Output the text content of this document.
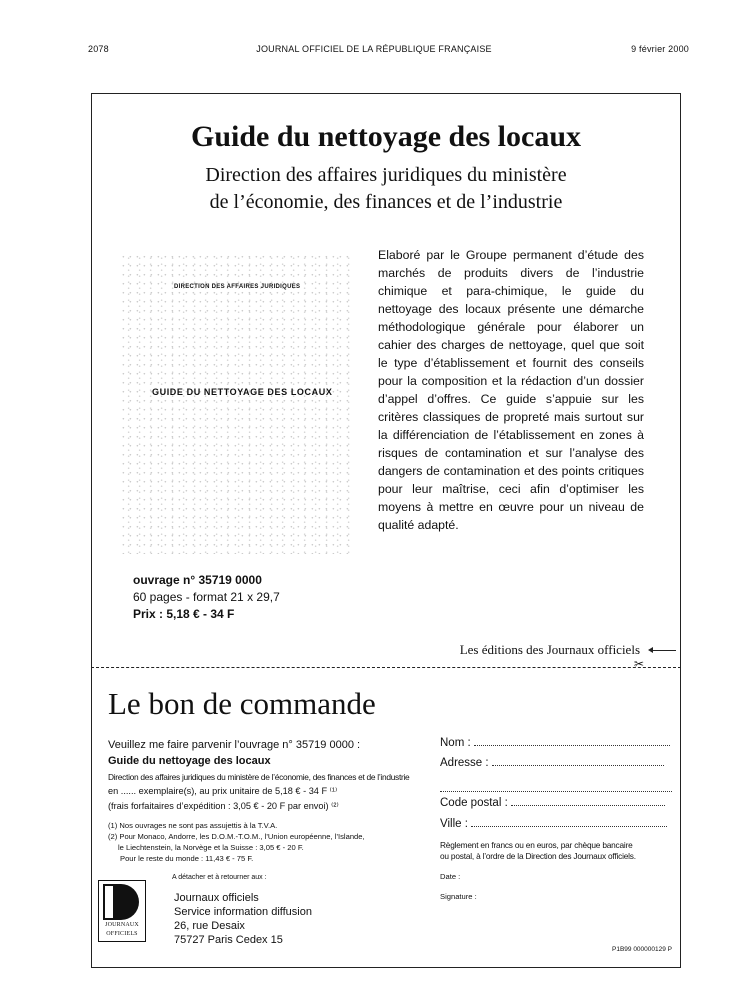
2078	JOURNAL OFFICIEL DE LA RÉPUBLIQUE FRANÇAISE	9 février 2000
Guide du nettoyage des locaux
Direction des affaires juridiques du ministère
de l’économie, des finances et de l’industrie
DIRECTION DES AFFAIRES JURIDIQUES
GUIDE DU NETTOYAGE DES LOCAUX
Elaboré par le Groupe permanent d’étude des marchés de produits divers de l’industrie chimique et para-chimique, le guide du nettoyage des locaux présente une démarche méthodologique générale pour élaborer un cahier des charges de nettoyage, quel que soit le type d’établissement et fournit des conseils pour la composition et la rédaction d’un dossier d’appel d’offres. Ce guide s’appuie sur les critères classiques de propreté mais surtout sur la différenciation de l’établissement en zones à risques de contamination et sur l’analyse des dangers de contamination et des points critiques pour leur maîtrise, ceci afin d’optimiser les moyens à mettre en œuvre pour un niveau de qualité adapté.
ouvrage n° 35719 0000
60 pages - format 21 x 29,7
Prix : 5,18 € - 34 F
Les éditions des Journaux officiels
✂
Le bon de commande
Veuillez me faire parvenir l’ouvrage n° 35719 0000 :
Guide du nettoyage des locaux
Direction des affaires juridiques du ministère de l’économie, des finances et de l’industrie
en ...... exemplaire(s), au prix unitaire de 5,18 € - 34 F ⁽¹⁾
(frais forfaitaires d’expédition : 3,05 € - 20 F par envoi) ⁽²⁾
(1) Nos ouvrages ne sont pas assujettis à la T.V.A.
(2) Pour Monaco, Andorre, les D.O.M.-T.O.M., l’Union européenne, l’Islande,
le Liechtenstein, la Norvège et la Suisse : 3,05 € - 20 F.
Pour le reste du monde : 11,43 € - 75 F.
Nom :
Adresse :
Code postal :
Ville :
Règlement en francs ou en euros, par chèque bancaire
ou postal, à l’ordre de la Direction des Journaux officiels.
Date :
Signature :
JOURNAUX
OFFICIELS
A détacher et à retourner aux :
Journaux officiels
Service information diffusion
26, rue Desaix
75727 Paris Cedex 15
P1B99 000000129 P
